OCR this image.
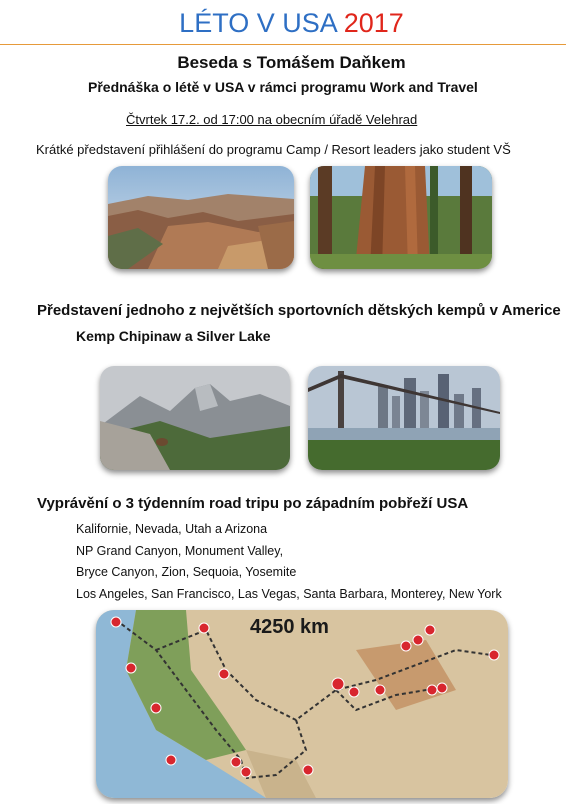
LÉTO V USA 2017
Beseda s Tomášem Daňkem
Přednáška o létě v USA v rámci programu Work and Travel
Čtvrtek 17.2. od 17:00 na obecním úřadě Velehrad
Krátké představení přihlášení do programu Camp / Resort leaders jako student VŠ
Představení jednoho z největších sportovních dětských kempů v Americe
Kemp Chipinaw a Silver Lake
Vyprávění o 3 týdenním road tripu po západním pobřeží USA
Kalifornie, Nevada, Utah a Arizona
NP Grand Canyon, Monument Valley,
Bryce Canyon, Zion, Sequoia, Yosemite
Los Angeles, San Francisco, Las Vegas, Santa Barbara, Monterey, New York
4250 km
